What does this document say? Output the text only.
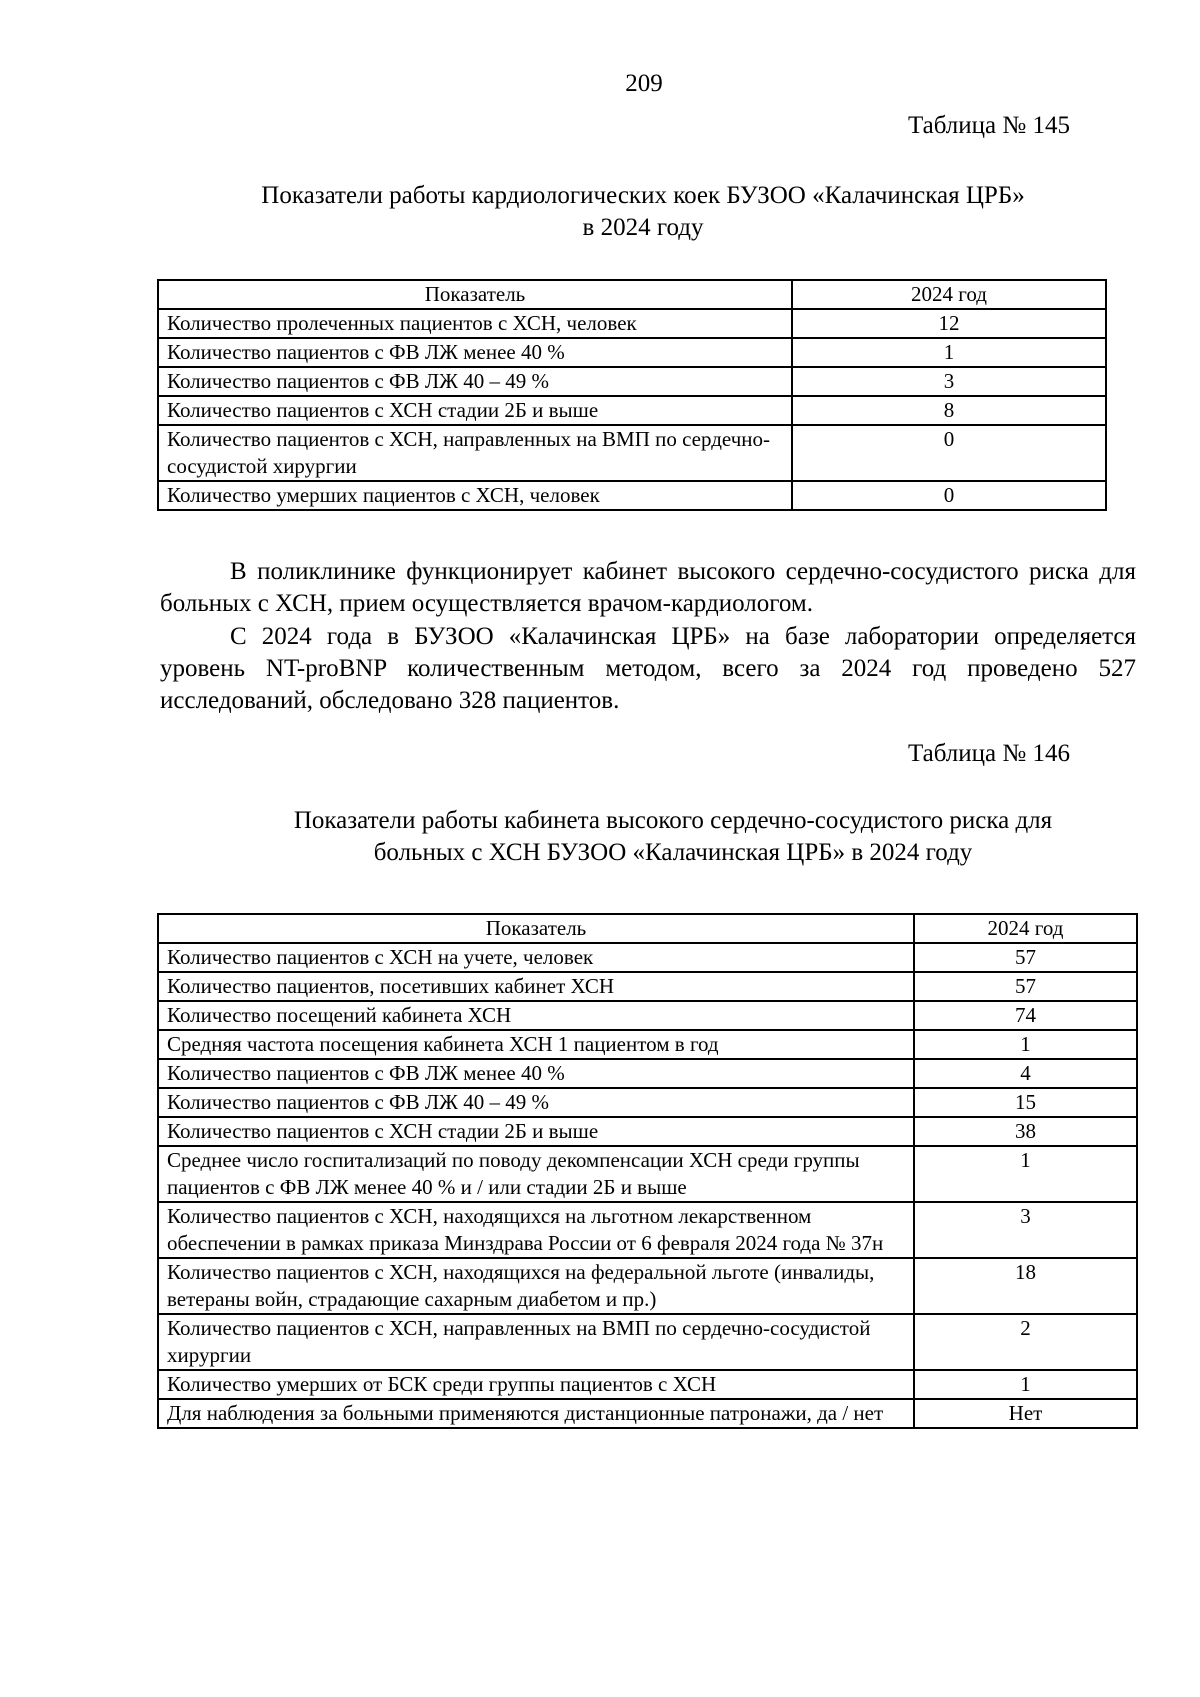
209
Таблица № 145
Показатели работы кардиологических коек БУЗОО «Калачинская ЦРБ»
в 2024 году
Показатель	2024 год
Количество пролеченных пациентов с ХСН, человек	12
Количество пациентов с ФВ ЛЖ менее 40 %	1
Количество пациентов с ФВ ЛЖ 40 – 49 %	3
Количество пациентов с ХСН стадии 2Б и выше	8
Количество пациентов с ХСН, направленных на ВМП по сердечно-сосудистой хирургии	0
Количество умерших пациентов с ХСН, человек	0
В поликлинике функционирует кабинет высокого сердечно-сосудистого риска для больных с ХСН, прием осуществляется врачом-кардиологом.
С 2024 года в БУЗОО «Калачинская ЦРБ» на базе лаборатории определяется уровень NT-proBNP количественным методом, всего за 2024 год проведено 527 исследований, обследовано 328 пациентов.
Таблица № 146
Показатели работы кабинета высокого сердечно-сосудистого риска для
больных с ХСН БУЗОО «Калачинская ЦРБ» в 2024 году
Показатель	2024 год
Количество пациентов с ХСН на учете, человек	57
Количество пациентов, посетивших кабинет ХСН	57
Количество посещений кабинета ХСН	74
Средняя частота посещения кабинета ХСН 1 пациентом в год	1
Количество пациентов с ФВ ЛЖ менее 40 %	4
Количество пациентов с ФВ ЛЖ 40 – 49 %	15
Количество пациентов с ХСН стадии 2Б и выше	38
Среднее число госпитализаций по поводу декомпенсации ХСН среди группы пациентов с ФВ ЛЖ менее 40 % и / или стадии 2Б и выше	1
Количество пациентов с ХСН, находящихся на льготном лекарственном обеспечении в рамках приказа Минздрава России от 6 февраля 2024 года № 37н	3
Количество пациентов с ХСН, находящихся на федеральной льготе (инвалиды, ветераны войн, страдающие сахарным диабетом и пр.)	18
Количество пациентов с ХСН, направленных на ВМП по сердечно-сосудистой хирургии	2
Количество умерших от БСК среди группы пациентов с ХСН	1
Для наблюдения за больными применяются дистанционные патронажи, да / нет	Нет
